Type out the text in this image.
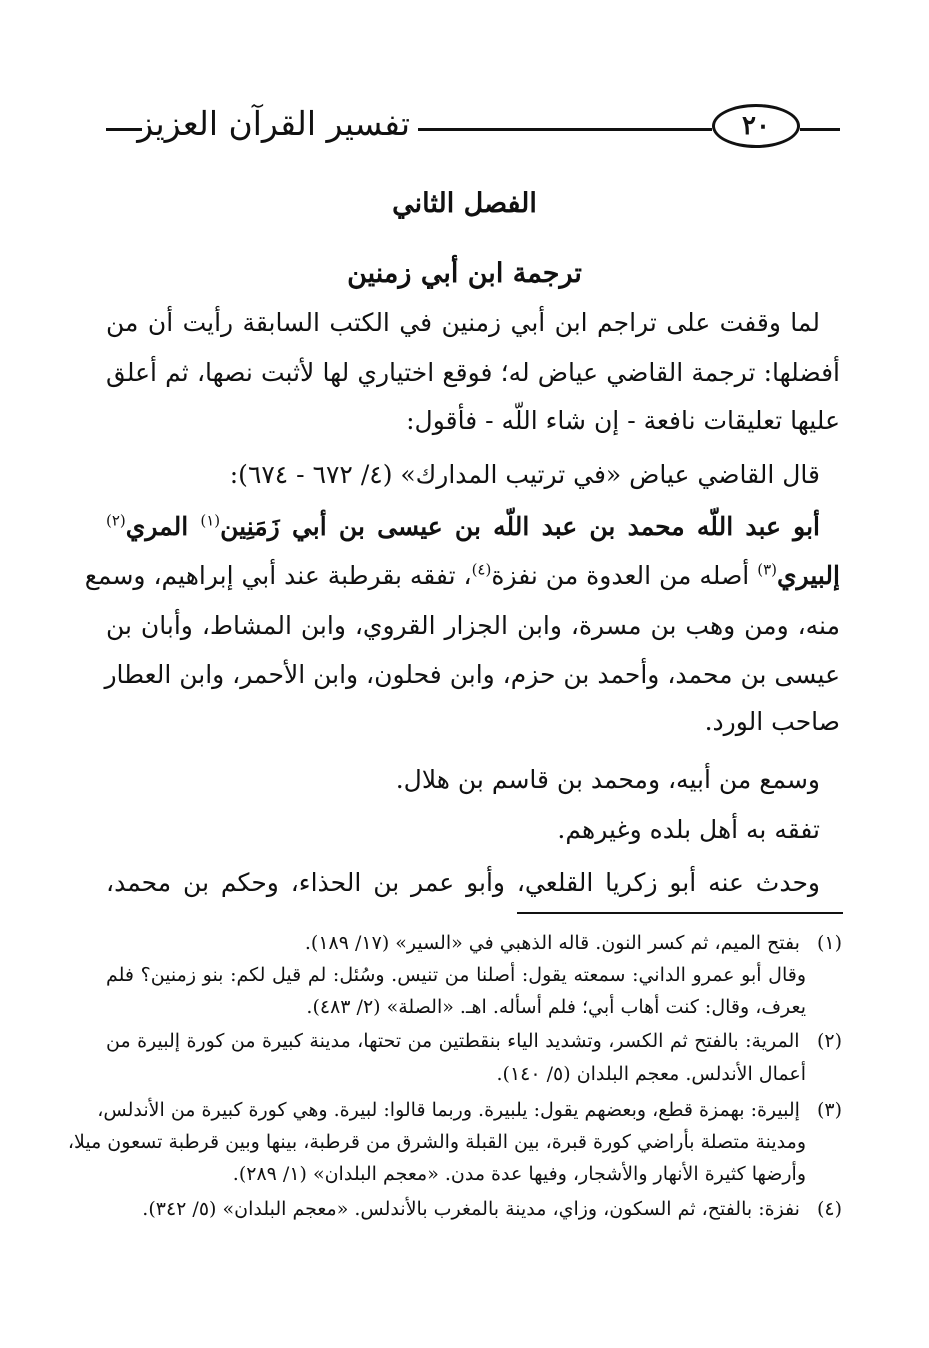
تفسير القرآن العزيز	٢٠
الفصل الثاني
ترجمة ابن أبي زمنين
لما وقفت على تراجم ابن أبي زمنين في الكتب السابقة رأيت أن من
أفضلها: ترجمة القاضي عياض له؛ فوقع اختياري لها لأثبت نصها، ثم أعلق
عليها تعليقات نافعة - إن شاء اللّه - فأقول:
قال القاضي عياض «في ترتيب المدارك» (٤/ ٦٧٢ - ٦٧٤):
أبو عبد اللّه محمد بن عبد اللّه بن عيسى بن أبي زَمَنِين$^{(١)}$ المري$^{(٢)}$
إلبيري$^{(٣)}$ أصله من العدوة من نفزة$^{(٤)}$، تفقه بقرطبة عند أبي إبراهيم، وسمع
منه، ومن وهب بن مسرة، وابن الجزار القروي، وابن المشاط، وأبان بن
عيسى بن محمد، وأحمد بن حزم، وابن فحلون، وابن الأحمر، وابن العطار
صاحب الورد.
وسمع من أبيه، ومحمد بن قاسم بن هلال.
تفقه به أهل بلده وغيرهم.
وحدث عنه أبو زكريا القلعي، وأبو عمر بن الحذاء، وحكم بن محمد،
(١) بفتح الميم، ثم كسر النون. قاله الذهبي في «السير» (١٧/ ١٨٩).
وقال أبو عمرو الداني: سمعته يقول: أصلنا من تنيس. وسُئل: لم قيل لكم: بنو زمنين؟ فلم
يعرف، وقال: كنت أهاب أبي؛ فلم أسأله. اهـ. «الصلة» (٢/ ٤٨٣).
(٢) المرية: بالفتح ثم الكسر، وتشديد الياء بنقطتين من تحتها، مدينة كبيرة من كورة إلبيرة من
أعمال الأندلس. معجم البلدان (٥/ ١٤٠).
(٣) إلبيرة: بهمزة قطع، وبعضهم يقول: يلبيرة. وربما قالوا: لبيرة. وهي كورة كبيرة من الأندلس،
ومدينة متصلة بأراضي كورة قبرة، بين القبلة والشرق من قرطبة، بينها وبين قرطبة تسعون ميلا،
وأرضها كثيرة الأنهار والأشجار، وفيها عدة مدن. «معجم البلدان» (١/ ٢٨٩).
(٤) نفزة: بالفتح، ثم السكون، وزاي، مدينة بالمغرب بالأندلس. «معجم البلدان» (٥/ ٣٤٢).
